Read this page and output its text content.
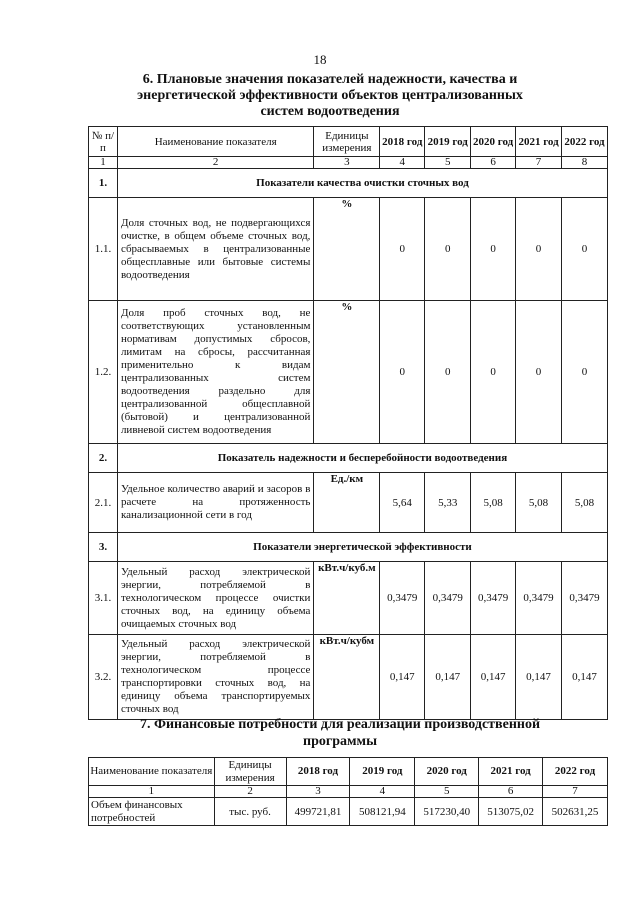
18
6. Плановые значения показателей надежности, качества и энергетической эффективности объектов централизованных систем водоотведения
№ п/п	Наименование показателя	Единицы измерения	2018 год	2019 год	2020 год	2021 год	2022 год
1	2	3	4	5	6	7	8
1.	Показатели качества очистки сточных вод						
1.1.	Доля сточных вод, не подвергающихся очистке, в общем объеме сточных вод, сбрасываемых в централизованные общесплавные или бытовые системы водоотведения	%	0	0	0	0	0
1.2.	Доля проб сточных вод, не соответствующих установленным нормативам допустимых сбросов, лимитам на сбросы, рассчитанная применительно к видам централизованных систем водоотведения раздельно для централизованной общесплавной (бытовой) и централизованной ливневой систем водоотведения	%	0	0	0	0	0
2.	Показатель надежности и бесперебойности водоотведения						
2.1.	Удельное количество аварий и засоров в расчете на протяженность канализационной сети в год	Ед./км	5,64	5,33	5,08	5,08	5,08
3.	Показатели энергетической эффективности						
3.1.	Удельный расход электрической энергии, потребляемой в технологическом процессе очистки сточных вод, на единицу объема очищаемых сточных вод	кВт.ч/куб.м	0,3479	0,3479	0,3479	0,3479	0,3479
3.2.	Удельный расход электрической энергии, потребляемой в технологическом процессе транспортировки сточных вод, на единицу объема транспортируемых сточных вод	кВт.ч/кубм	0,147	0,147	0,147	0,147	0,147
7. Финансовые потребности для реализации производственной программы
Наименование показателя	Единицы измерения	2018 год	2019 год	2020 год	2021 год	2022 год
1	2	3	4	5	6	7
Объем финансовых потребностей	тыс. руб.	499721,81	508121,94	517230,40	513075,02	502631,25
